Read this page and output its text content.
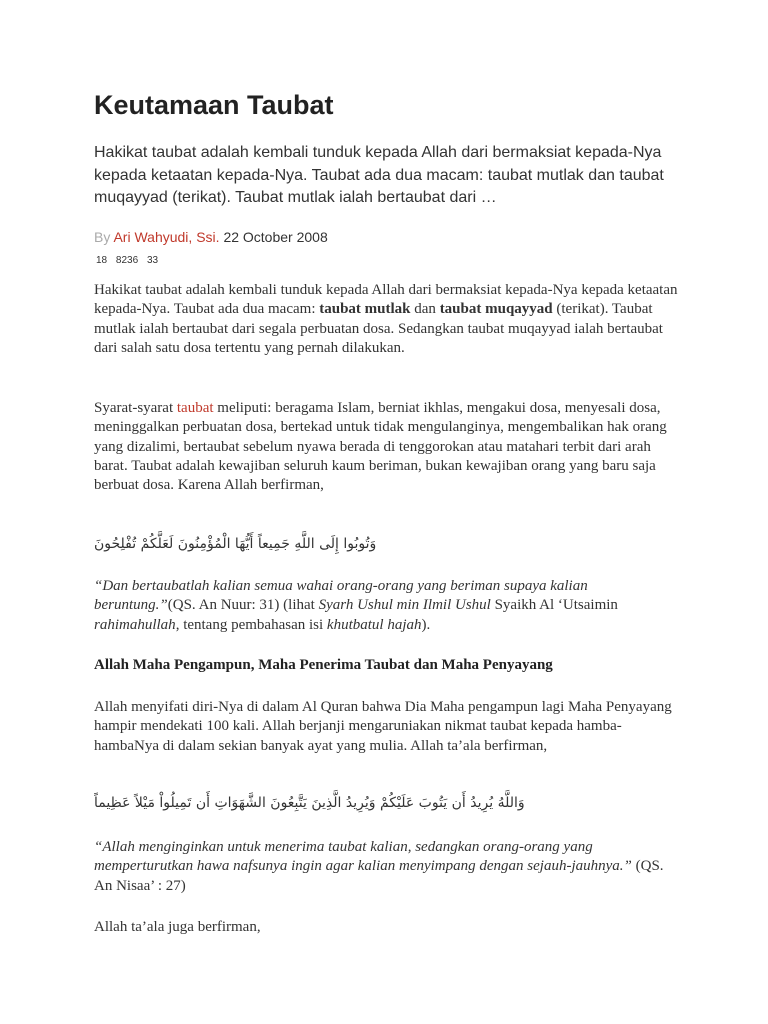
Keutamaan Taubat

Hakikat taubat adalah kembali tunduk kepada Allah dari bermaksiat kepada-Nya kepada ketaatan kepada-Nya. Taubat ada dua macam: taubat mutlak dan taubat muqayyad (terikat). Taubat mutlak ialah bertaubat dari …

By Ari Wahyudi, Ssi. 22 October 2008
18 8236 33

Hakikat taubat adalah kembali tunduk kepada Allah dari bermaksiat kepada-Nya kepada ketaatan kepada-Nya. Taubat ada dua macam: taubat mutlak dan taubat muqayyad (terikat). Taubat mutlak ialah bertaubat dari segala perbuatan dosa. Sedangkan taubat muqayyad ialah bertaubat dari salah satu dosa tertentu yang pernah dilakukan.

Syarat-syarat taubat meliputi: beragama Islam, berniat ikhlas, mengakui dosa, menyesali dosa, meninggalkan perbuatan dosa, bertekad untuk tidak mengulanginya, mengembalikan hak orang yang dizalimi, bertaubat sebelum nyawa berada di tenggorokan atau matahari terbit dari arah barat. Taubat adalah kewajiban seluruh kaum beriman, bukan kewajiban orang yang baru saja berbuat dosa. Karena Allah berfirman,

وَتُوبُوا إِلَى اللَّهِ جَمِيعاً أَيُّهَا الْمُؤْمِنُونَ لَعَلَّكُمْ تُفْلِحُونَ

“Dan bertaubatlah kalian semua wahai orang-orang yang beriman supaya kalian beruntung.”(QS. An Nuur: 31) (lihat Syarh Ushul min Ilmil Ushul Syaikh Al ‘Utsaimin rahimahullah, tentang pembahasan isi khutbatul hajah).

Allah Maha Pengampun, Maha Penerima Taubat dan Maha Penyayang

Allah menyifati diri-Nya di dalam Al Quran bahwa Dia Maha pengampun lagi Maha Penyayang hampir mendekati 100 kali. Allah berjanji mengaruniakan nikmat taubat kepada hamba-hambaNya di dalam sekian banyak ayat yang mulia. Allah ta’ala berfirman,

وَاللَّهُ يُرِيدُ أَن يَتُوبَ عَلَيْكُمْ وَيُرِيدُ الَّذِينَ يَتَّبِعُونَ الشَّهَوَاتِ أَن تَمِيلُواْ مَيْلاً عَظِيماً

“Allah menginginkan untuk menerima taubat kalian, sedangkan orang-orang yang memperturutkan hawa nafsunya ingin agar kalian menyimpang dengan sejauh-jauhnya.” (QS. An Nisaa’ : 27)

Allah ta’ala juga berfirman,
